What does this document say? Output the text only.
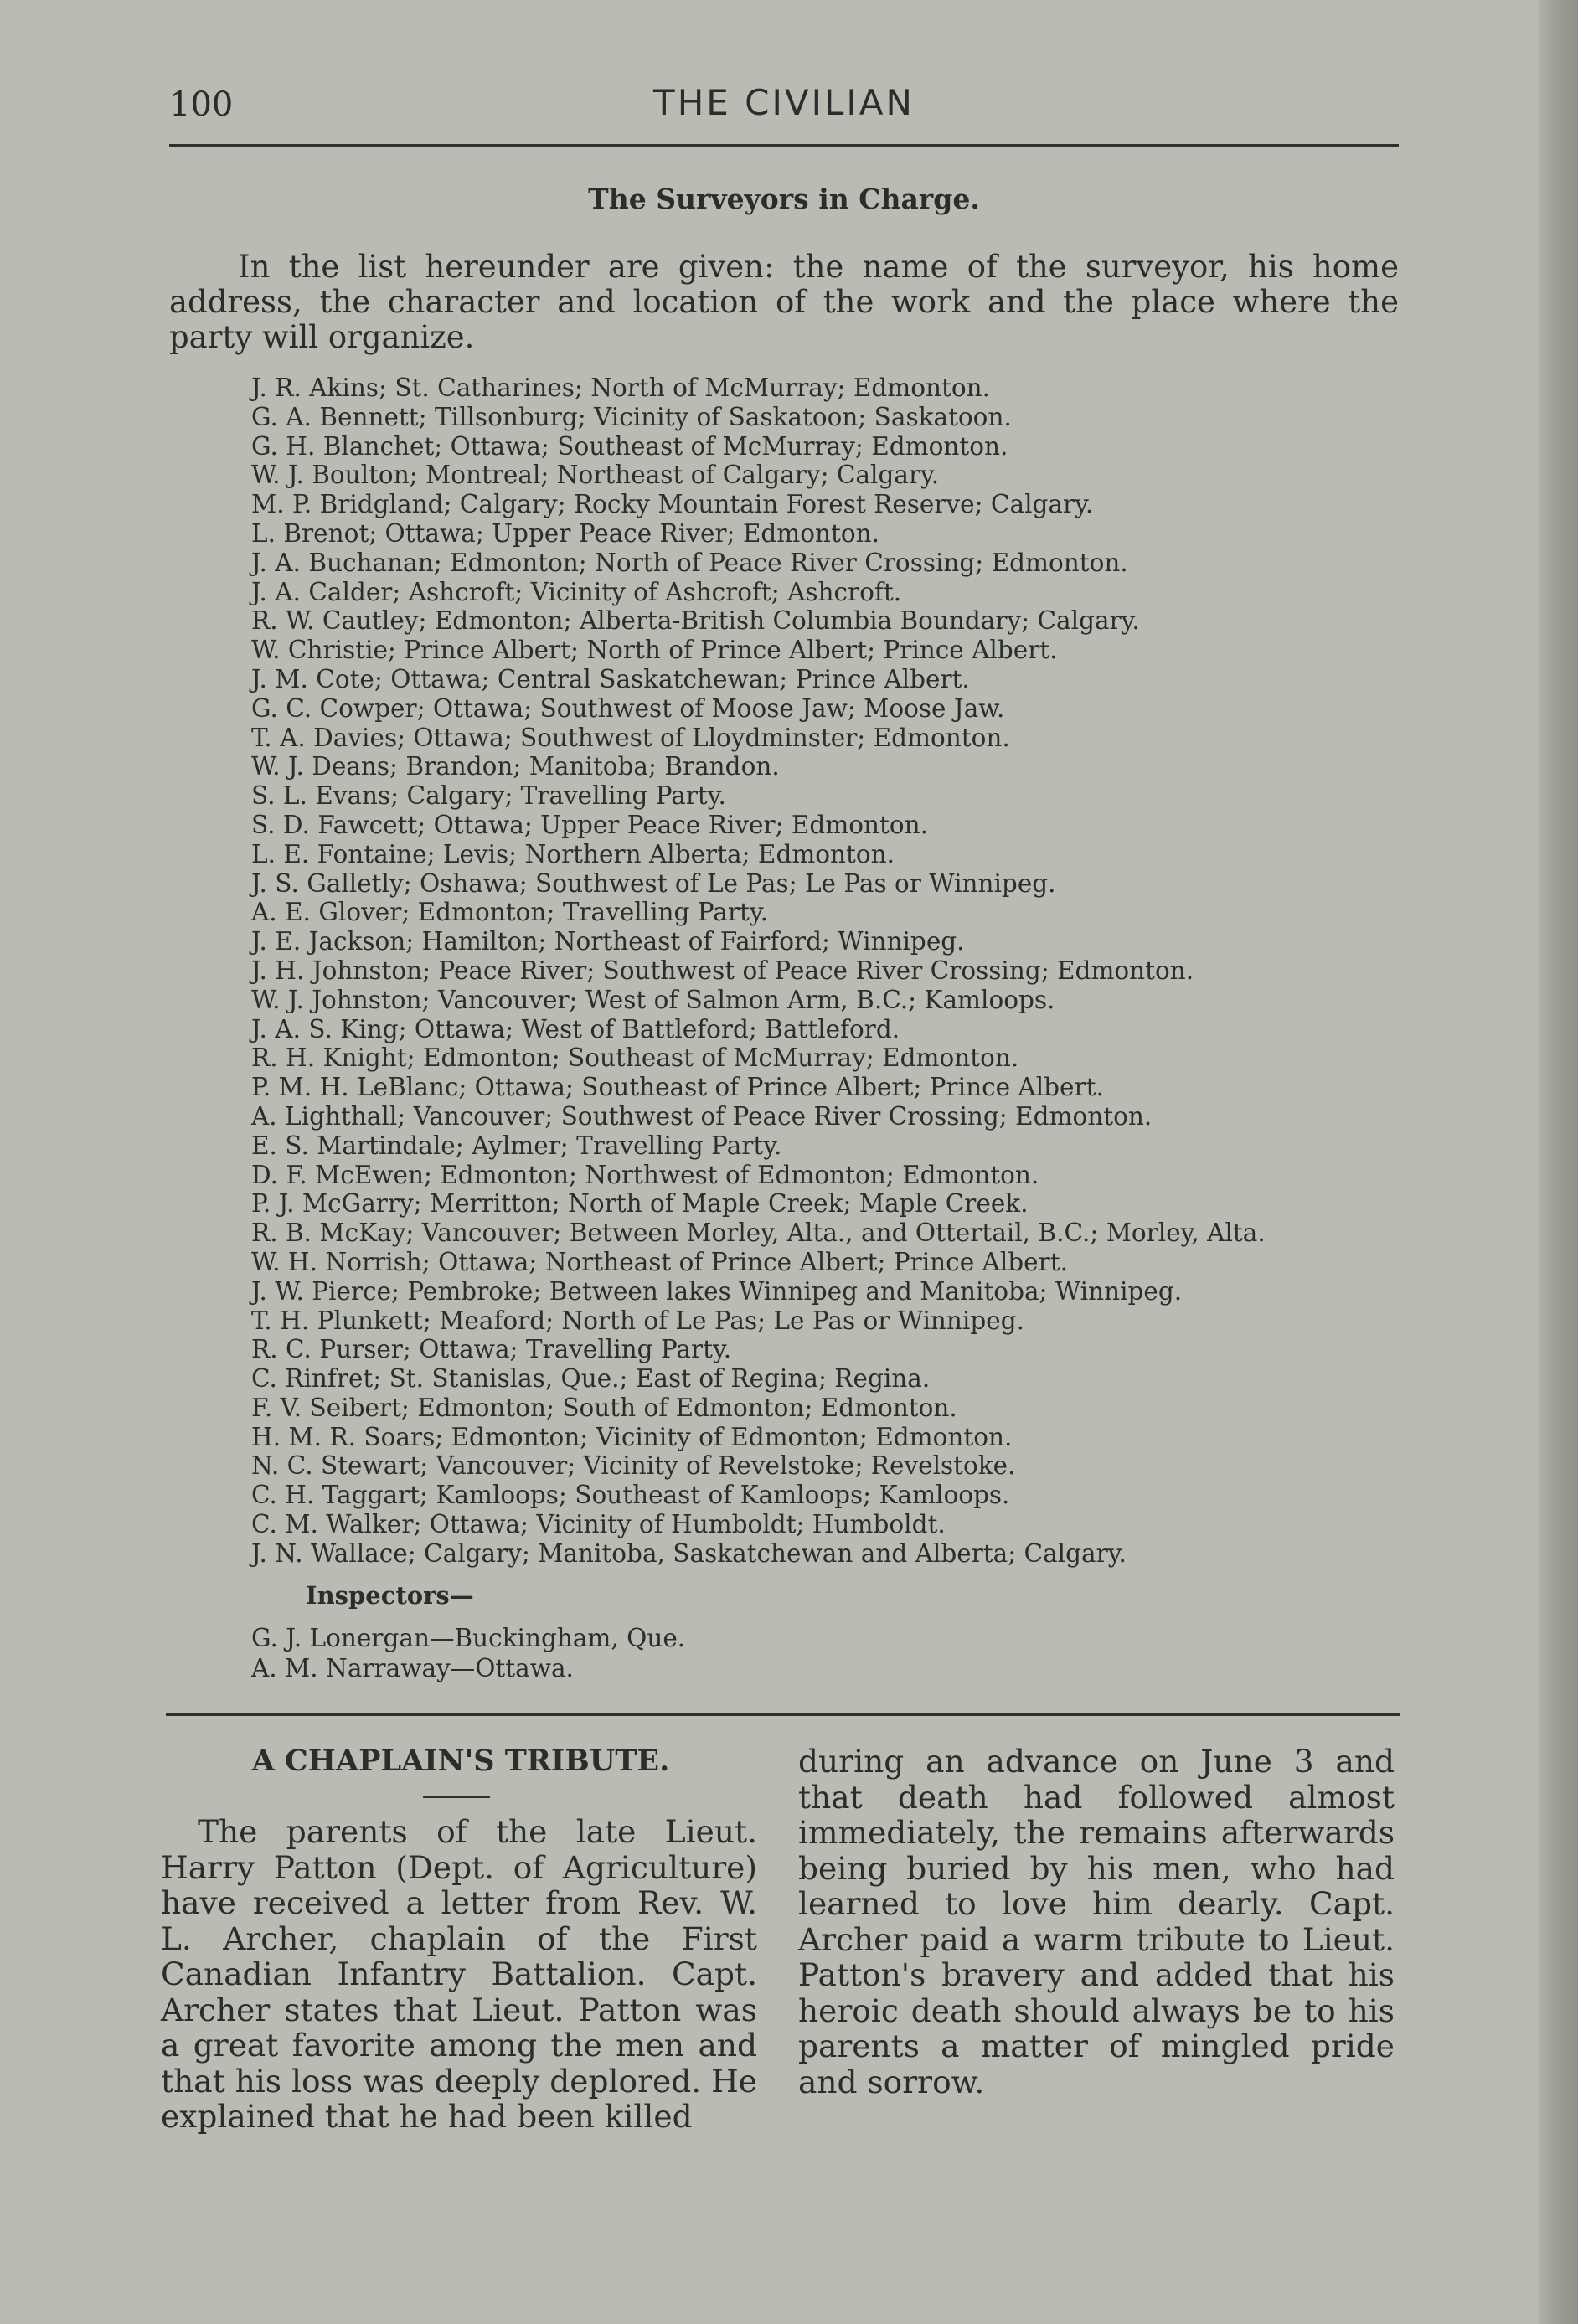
100	THE CIVILIAN
The Surveyors in Charge.

In the list hereunder are given: the name of the surveyor, his home address, the character and location of the work and the place where the party will organize.

J. R. Akins; St. Catharines; North of McMurray; Edmonton.
G. A. Bennett; Tillsonburg; Vicinity of Saskatoon; Saskatoon.
G. H. Blanchet; Ottawa; Southeast of McMurray; Edmonton.
W. J. Boulton; Montreal; Northeast of Calgary; Calgary.
M. P. Bridgland; Calgary; Rocky Mountain Forest Reserve; Calgary.
L. Brenot; Ottawa; Upper Peace River; Edmonton.
J. A. Buchanan; Edmonton; North of Peace River Crossing; Edmonton.
J. A. Calder; Ashcroft; Vicinity of Ashcroft; Ashcroft.
R. W. Cautley; Edmonton; Alberta-British Columbia Boundary; Calgary.
W. Christie; Prince Albert; North of Prince Albert; Prince Albert.
J. M. Cote; Ottawa; Central Saskatchewan; Prince Albert.
G. C. Cowper; Ottawa; Southwest of Moose Jaw; Moose Jaw.
T. A. Davies; Ottawa; Southwest of Lloydminster; Edmonton.
W. J. Deans; Brandon; Manitoba; Brandon.
S. L. Evans; Calgary; Travelling Party.
S. D. Fawcett; Ottawa; Upper Peace River; Edmonton.
L. E. Fontaine; Levis; Northern Alberta; Edmonton.
J. S. Galletly; Oshawa; Southwest of Le Pas; Le Pas or Winnipeg.
A. E. Glover; Edmonton; Travelling Party.
J. E. Jackson; Hamilton; Northeast of Fairford; Winnipeg.
J. H. Johnston; Peace River; Southwest of Peace River Crossing; Edmonton.
W. J. Johnston; Vancouver; West of Salmon Arm, B.C.; Kamloops.
J. A. S. King; Ottawa; West of Battleford; Battleford.
R. H. Knight; Edmonton; Southeast of McMurray; Edmonton.
P. M. H. LeBlanc; Ottawa; Southeast of Prince Albert; Prince Albert.
A. Lighthall; Vancouver; Southwest of Peace River Crossing; Edmonton.
E. S. Martindale; Aylmer; Travelling Party.
D. F. McEwen; Edmonton; Northwest of Edmonton; Edmonton.
P. J. McGarry; Merritton; North of Maple Creek; Maple Creek.
R. B. McKay; Vancouver; Between Morley, Alta., and Ottertail, B.C.; Morley, Alta.
W. H. Norrish; Ottawa; Northeast of Prince Albert; Prince Albert.
J. W. Pierce; Pembroke; Between lakes Winnipeg and Manitoba; Winnipeg.
T. H. Plunkett; Meaford; North of Le Pas; Le Pas or Winnipeg.
R. C. Purser; Ottawa; Travelling Party.
C. Rinfret; St. Stanislas, Que.; East of Regina; Regina.
F. V. Seibert; Edmonton; South of Edmonton; Edmonton.
H. M. R. Soars; Edmonton; Vicinity of Edmonton; Edmonton.
N. C. Stewart; Vancouver; Vicinity of Revelstoke; Revelstoke.
C. H. Taggart; Kamloops; Southeast of Kamloops; Kamloops.
C. M. Walker; Ottawa; Vicinity of Humboldt; Humboldt.
J. N. Wallace; Calgary; Manitoba, Saskatchewan and Alberta; Calgary.
Inspectors—
G. J. Lonergan—Buckingham, Que.
A. M. Narraway—Ottawa.
A CHAPLAIN'S TRIBUTE.

The parents of the late Lieut. Harry Patton (Dept. of Agriculture) have received a letter from Rev. W. L. Archer, chaplain of the First Canadian Infantry Battalion. Capt. Archer states that Lieut. Patton was a great favorite among the men and that his loss was deeply deplored. He explained that he had been killed

during an advance on June 3 and that death had followed almost immediately, the remains afterwards being buried by his men, who had learned to love him dearly. Capt. Archer paid a warm tribute to Lieut. Patton's bravery and added that his heroic death should always be to his parents a matter of mingled pride and sorrow.
